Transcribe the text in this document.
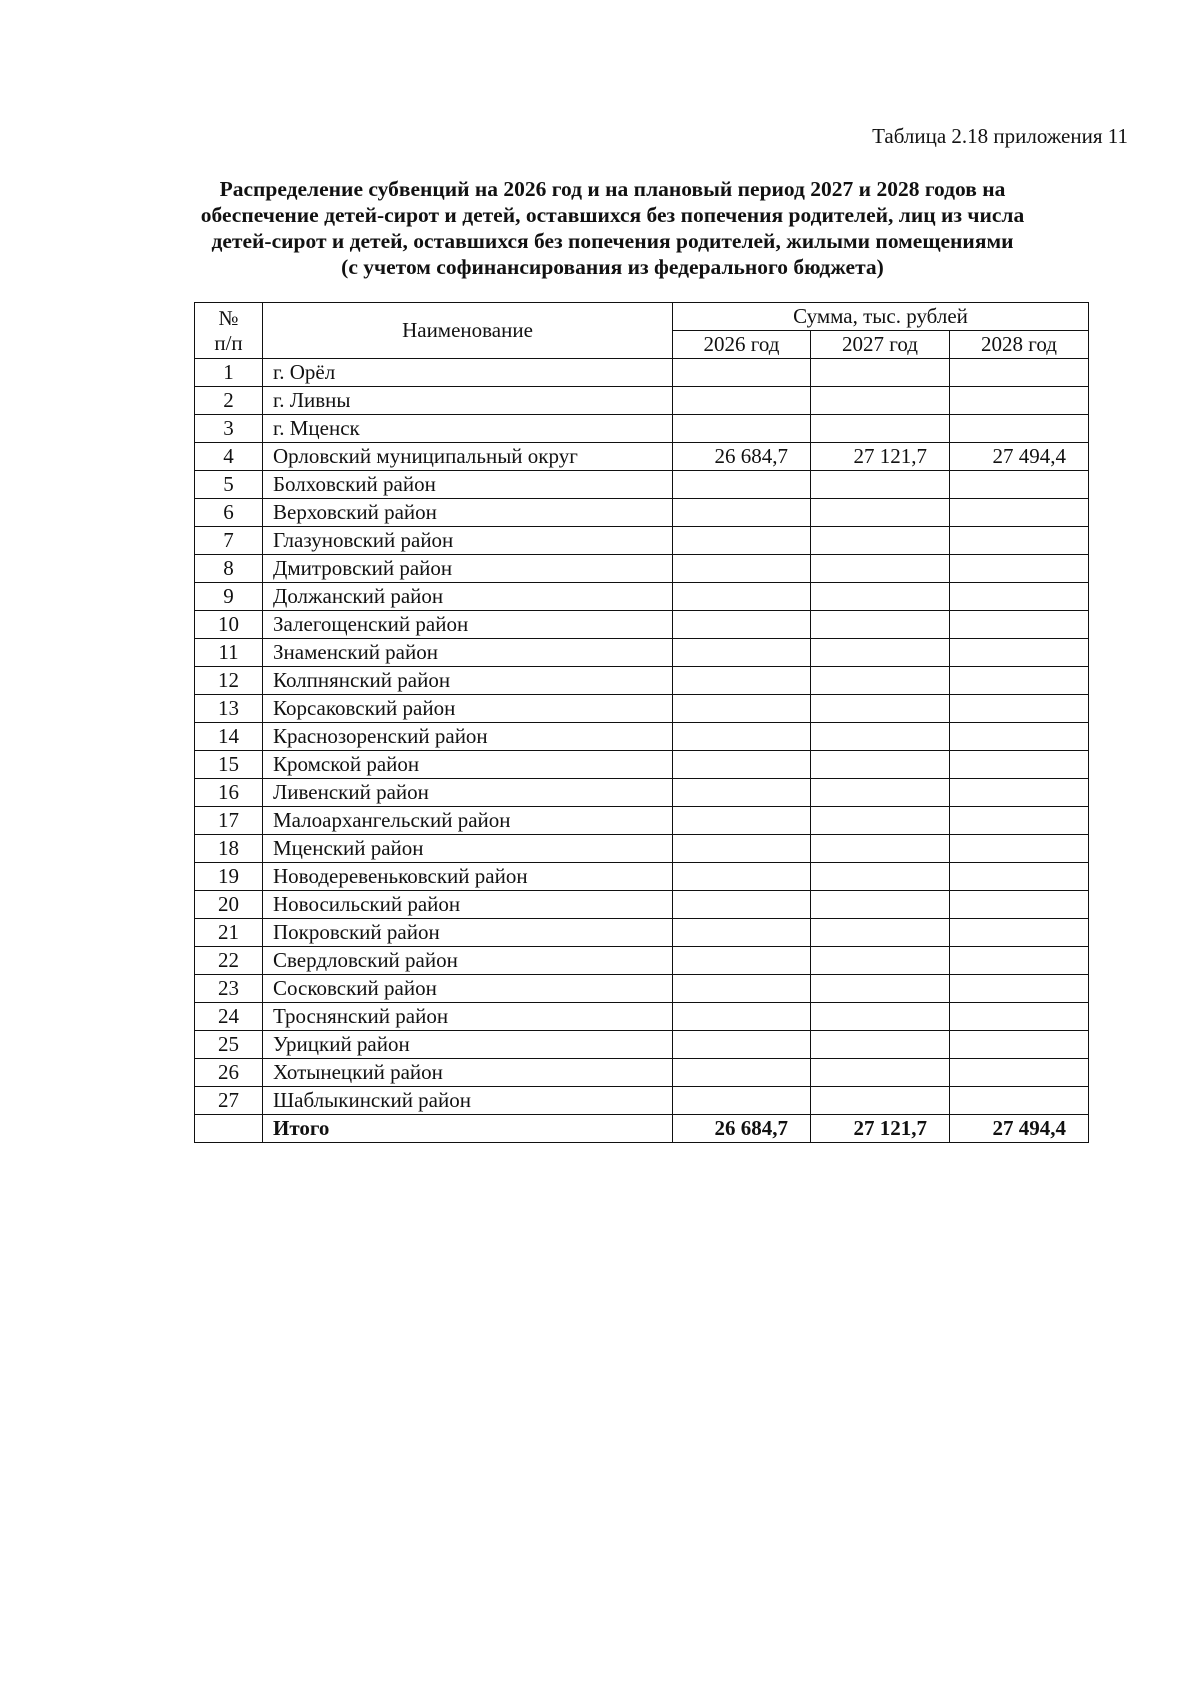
Таблица 2.18 приложения 11
Распределение субвенций на 2026 год и на плановый период 2027 и 2028 годов на
обеспечение детей-сирот и детей, оставшихся без попечения родителей, лиц из числа
детей-сирот и детей, оставшихся без попечения родителей, жилыми помещениями
(с учетом софинансирования из федерального бюджета)
№
п/п	Наименование	Сумма, тыс. рублей		
		2026 год	2027 год	2028 год
1	г. Орёл			
2	г. Ливны			
3	г. Мценск			
4	Орловский муниципальный округ	26 684,7	27 121,7	27 494,4
5	Болховский район			
6	Верховский район			
7	Глазуновский район			
8	Дмитровский район			
9	Должанский район			
10	Залегощенский район			
11	Знаменский район			
12	Колпнянский район			
13	Корсаковский район			
14	Краснозоренский район			
15	Кромской район			
16	Ливенский район			
17	Малоархангельский район			
18	Мценский район			
19	Новодеревеньковский район			
20	Новосильский район			
21	Покровский район			
22	Свердловский район			
23	Сосковский район			
24	Троснянский район			
25	Урицкий район			
26	Хотынецкий район			
27	Шаблыкинский район			
	Итого	26 684,7	27 121,7	27 494,4
